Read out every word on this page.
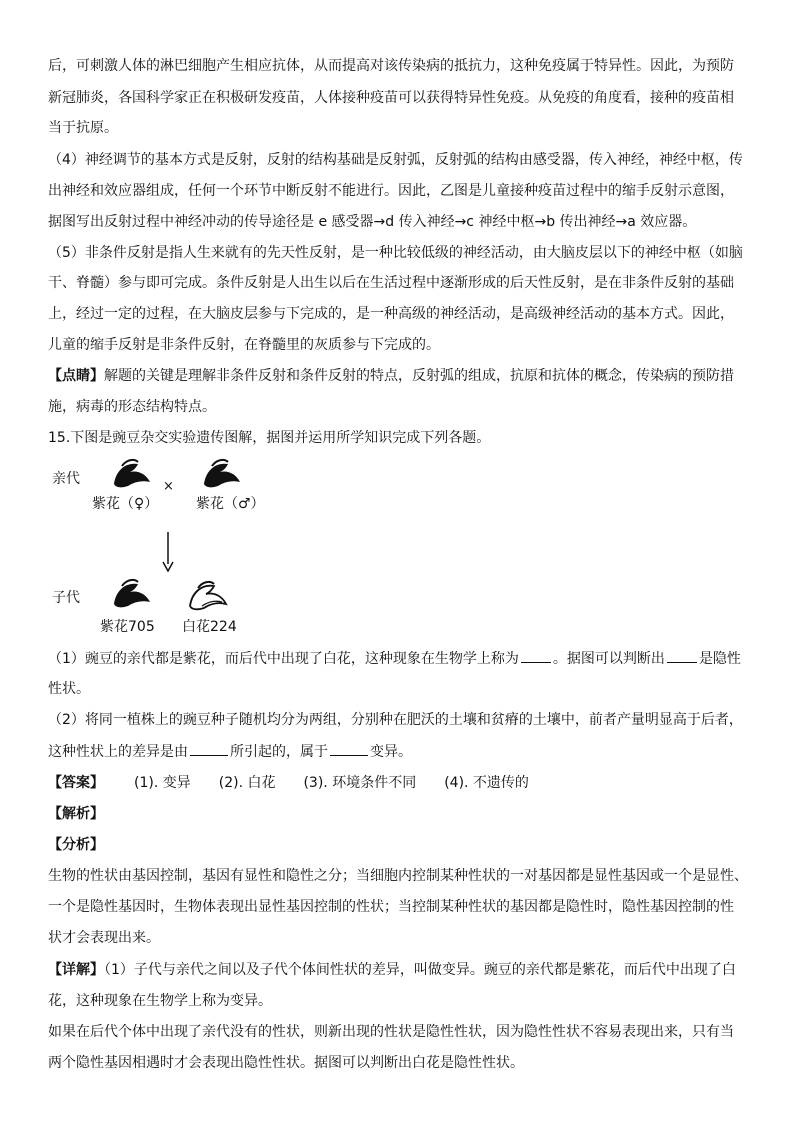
后，可刺激人体的淋巴细胞产生相应抗体，从而提高对该传染病的抵抗力，这种免疫属于特异性。因此，为预防
新冠肺炎，各国科学家正在积极研发疫苗，人体接种疫苗可以获得特异性免疫。从免疫的角度看，接种的疫苗相
当于抗原。
（4）神经调节的基本方式是反射，反射的结构基础是反射弧，反射弧的结构由感受器，传入神经，神经中枢，传
出神经和效应器组成，任何一个环节中断反射不能进行。因此，乙图是儿童接种疫苗过程中的缩手反射示意图，
据图写出反射过程中神经冲动的传导途径是 e 感受器→d 传入神经→c 神经中枢→b 传出神经→a 效应器。
（5）非条件反射是指人生来就有的先天性反射，是一种比较低级的神经活动，由大脑皮层以下的神经中枢（如脑
干、脊髓）参与即可完成。条件反射是人出生以后在生活过程中逐渐形成的后天性反射，是在非条件反射的基础
上，经过一定的过程，在大脑皮层参与下完成的，是一种高级的神经活动，是高级神经活动的基本方式。因此，
儿童的缩手反射是非条件反射，在脊髓里的灰质参与下完成的。
【点睛】解题的关键是理解非条件反射和条件反射的特点，反射弧的组成，抗原和抗体的概念，传染病的预防措
施，病毒的形态结构特点。
15.下图是豌豆杂交实验遗传图解，据图并运用所学知识完成下列各题。
亲代	×
紫花（♀）	紫花（♂）
子代
紫花705 白花224
（1）豌豆的亲代都是紫花，而后代中出现了白花，这种现象在生物学上称为 。据图可以判断出 是隐性
性状。
（2）将同一植株上的豌豆种子随机均分为两组，分别种在肥沃的土壤和贫瘠的土壤中，前者产量明显高于后者，
这种性状上的差异是由	所引起的，属于	变异。
【答案】 (1). 变异 (2). 白花 (3). 环境条件不同 (4). 不遗传的
【解析】
【分析】
生物的性状由基因控制，基因有显性和隐性之分；当细胞内控制某种性状的一对基因都是显性基因或一个是显性、
一个是隐性基因时，生物体表现出显性基因控制的性状；当控制某种性状的基因都是隐性时，隐性基因控制的性
状才会表现出来。
【详解】（1）子代与亲代之间以及子代个体间性状的差异，叫做变异。豌豆的亲代都是紫花，而后代中出现了白
花，这种现象在生物学上称为变异。
如果在后代个体中出现了亲代没有的性状，则新出现的性状是隐性性状，因为隐性性状不容易表现出来，只有当
两个隐性基因相遇时才会表现出隐性性状。据图可以判断出白花是隐性性状。
